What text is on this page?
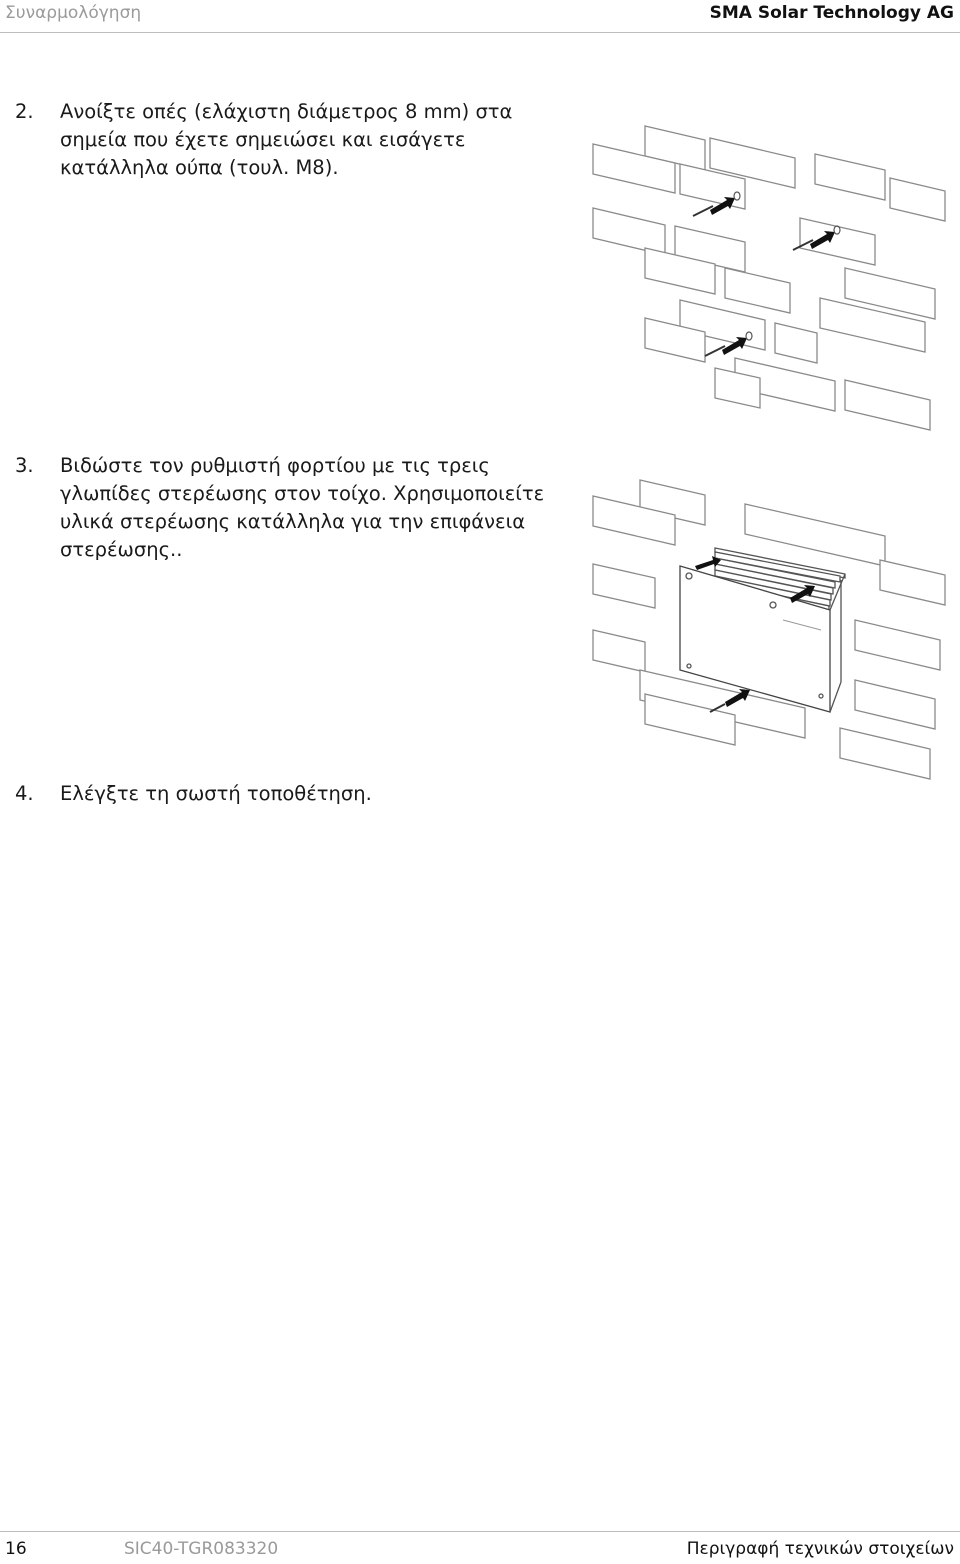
Συναρμολόγηση	SMA Solar Technology AG
2. Ανοίξτε οπές (ελάχιστη διάμετρος 8 mm) στα σημεία που έχετε σημειώσει και εισάγετε κατάλληλα ούπα (τουλ. M8).
3. Βιδώστε τον ρυθμιστή φορτίου με τις τρεις γλωπίδες στερέωσης στον τοίχο. Χρησιμοποιείτε υλικά στερέωσης κατάλληλα για την επιφάνεια στερέωσης..
4. Ελέγξτε τη σωστή τοποθέτηση.
16	SIC40-TGR083320	Περιγραφή τεχνικών στοιχείων
